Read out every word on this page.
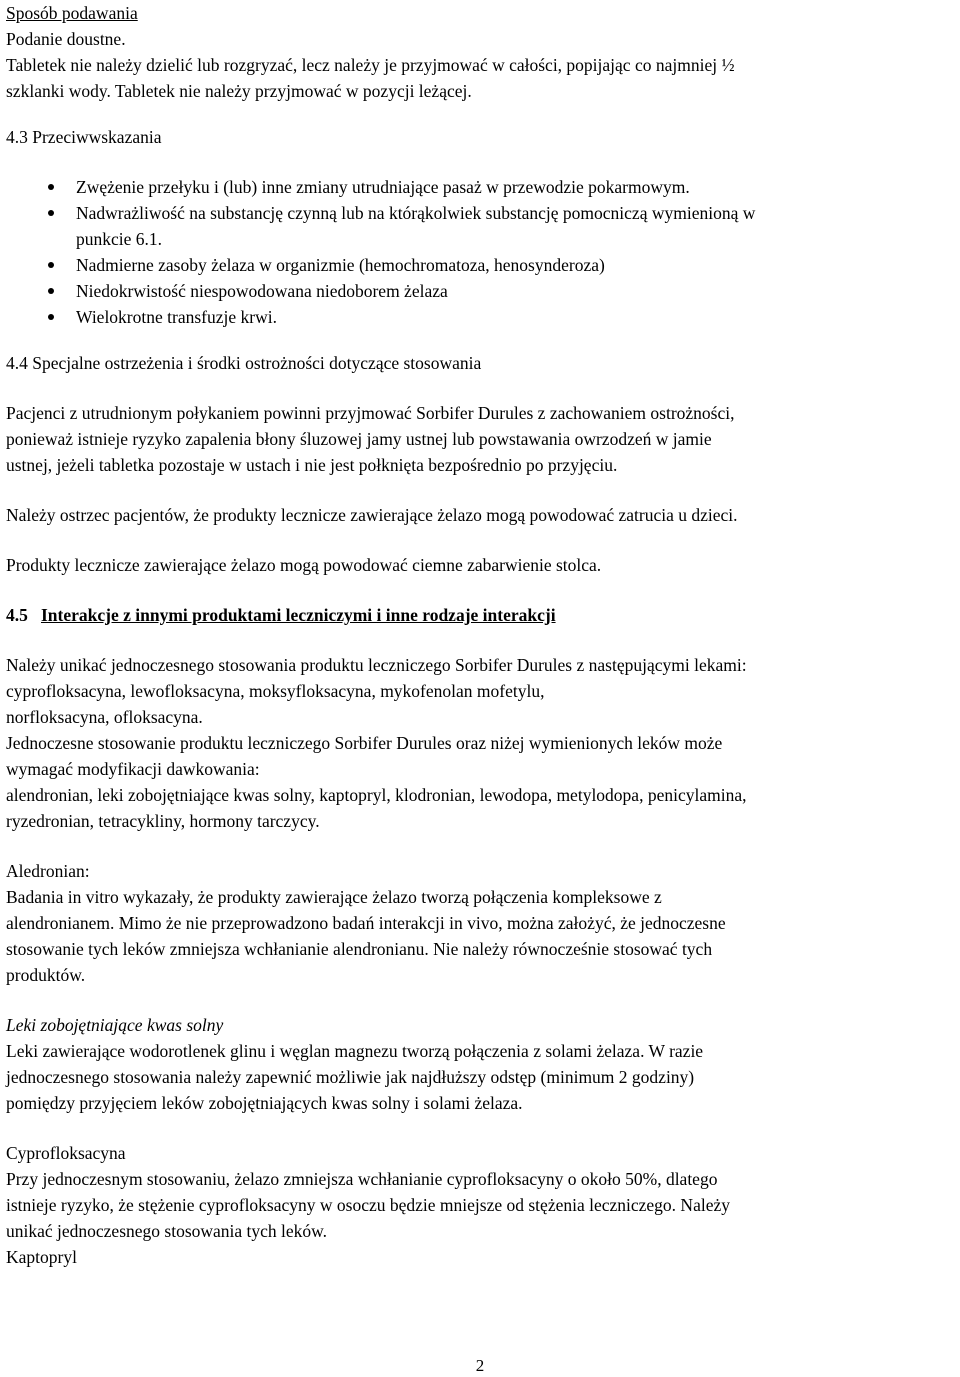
Sposób podawania
Podanie doustne.
Tabletek nie należy dzielić lub rozgryzać, lecz należy je przyjmować w całości, popijając co najmniej ½
szklanki wody. Tabletek nie należy przyjmować w pozycji leżącej.
4.3 Przeciwwskazania
Zwężenie przełyku i (lub) inne zmiany utrudniające pasaż w przewodzie pokarmowym.
Nadwrażliwość na substancję czynną lub na którąkolwiek substancję pomocniczą wymienioną w
punkcie 6.1.
Nadmierne zasoby żelaza w organizmie (hemochromatoza, henosynderoza)
Niedokrwistość niespowodowana niedoborem żelaza
Wielokrotne transfuzje krwi.
4.4 Specjalne ostrzeżenia i środki ostrożności dotyczące stosowania
Pacjenci z utrudnionym połykaniem powinni przyjmować Sorbifer Durules z zachowaniem ostrożności,
ponieważ istnieje ryzyko zapalenia błony śluzowej jamy ustnej lub powstawania owrzodzeń w jamie
ustnej, jeżeli tabletka pozostaje w ustach i nie jest połknięta bezpośrednio po przyjęciu.
Należy ostrzec pacjentów, że produkty lecznicze zawierające żelazo mogą powodować zatrucia u dzieci.
Produkty lecznicze zawierające żelazo mogą powodować ciemne zabarwienie stolca.
4.5 Interakcje z innymi produktami leczniczymi i inne rodzaje interakcji
Należy unikać jednoczesnego stosowania produktu leczniczego Sorbifer Durules z następującymi lekami:
cyprofloksacyna, lewofloksacyna, moksyfloksacyna, mykofenolan mofetylu,
norfloksacyna, ofloksacyna.
Jednoczesne stosowanie produktu leczniczego Sorbifer Durules oraz niżej wymienionych leków może
wymagać modyfikacji dawkowania:
alendronian, leki zobojętniające kwas solny, kaptopryl, klodronian, lewodopa, metylodopa, penicylamina,
ryzedronian, tetracykliny, hormony tarczycy.
Aledronian:
Badania in vitro wykazały, że produkty zawierające żelazo tworzą połączenia kompleksowe z
alendronianem. Mimo że nie przeprowadzono badań interakcji in vivo, można założyć, że jednoczesne
stosowanie tych leków zmniejsza wchłanianie alendronianu. Nie należy równocześnie stosować tych
produktów.
Leki zobojętniające kwas solny
Leki zawierające wodorotlenek glinu i węglan magnezu tworzą połączenia z solami żelaza. W razie
jednoczesnego stosowania należy zapewnić możliwie jak najdłuższy odstęp (minimum 2 godziny)
pomiędzy przyjęciem leków zobojętniających kwas solny i solami żelaza.
Cyprofloksacyna
Przy jednoczesnym stosowaniu, żelazo zmniejsza wchłanianie cyprofloksacyny o około 50%, dlatego
istnieje ryzyko, że stężenie cyprofloksacyny w osoczu będzie mniejsze od stężenia leczniczego. Należy
unikać jednoczesnego stosowania tych leków.
Kaptopryl
2
